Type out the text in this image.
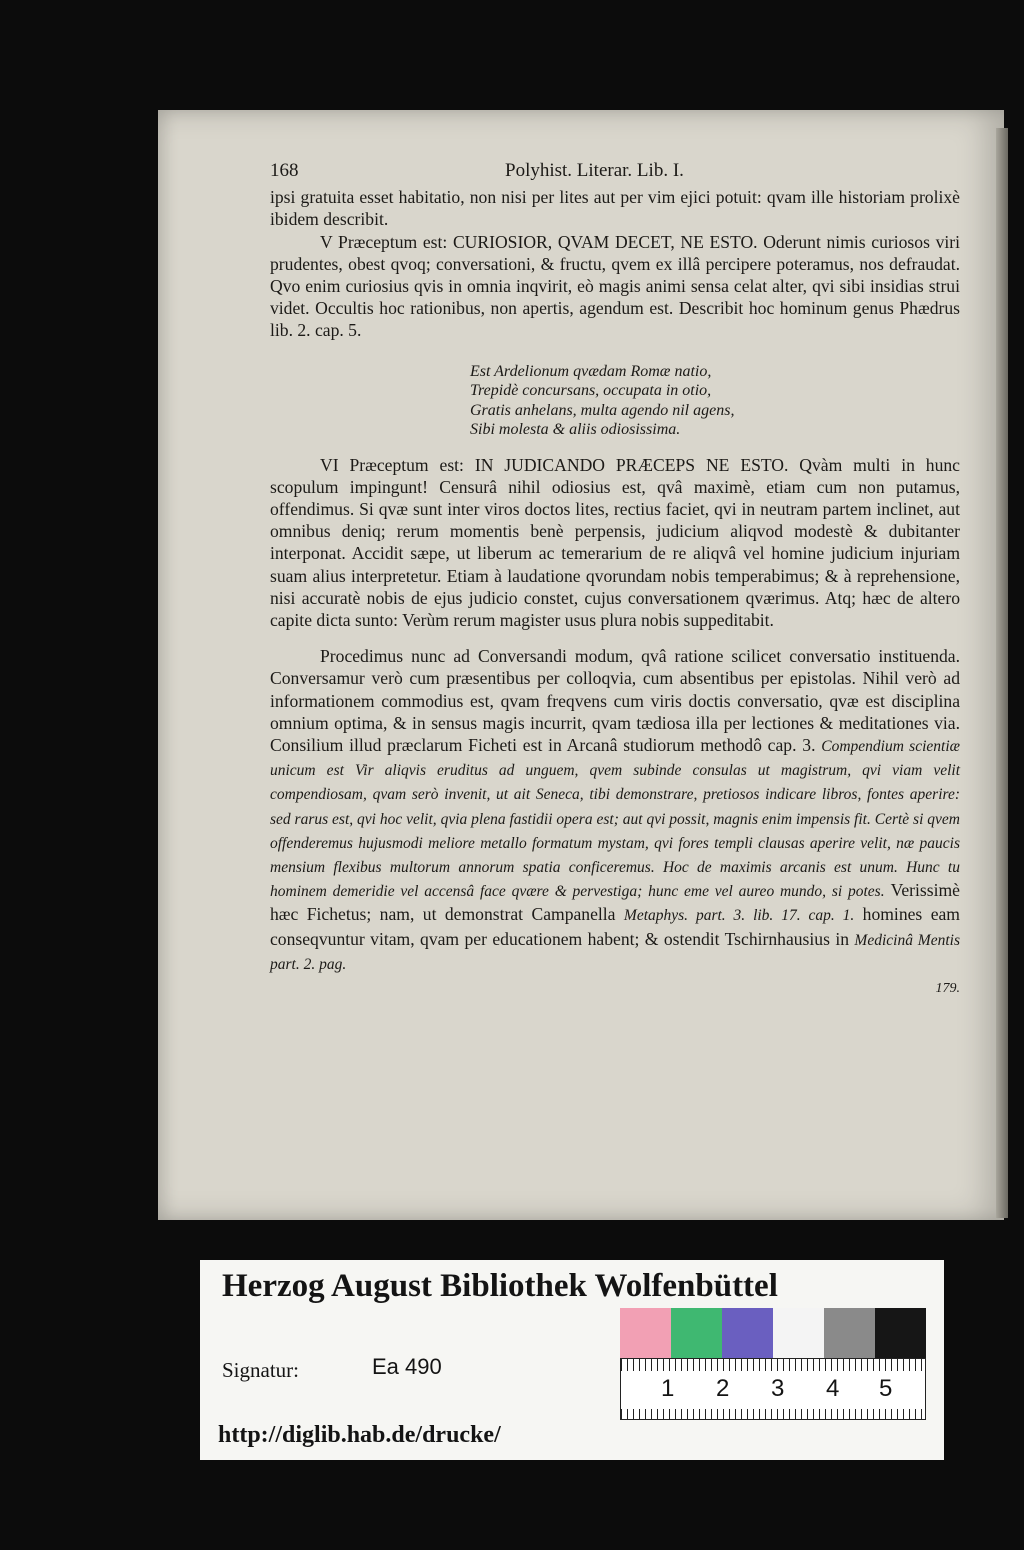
168	Polyhist. Literar. Lib. I.

ipsi gratuita esset habitatio, non nisi per lites aut per vim ejici potuit: qvam ille historiam prolixè ibidem describit.

V Præceptum est: CURIOSIOR, QVAM DECET, NE ESTO. Oderunt nimis curiosos viri prudentes, obest qvoq; conversationi, & fructu, qvem ex illâ percipere poteramus, nos defraudat. Qvo enim curiosius qvis in omnia inqvirit, eò magis animi sensa celat alter, qvi sibi insidias strui videt. Occultis hoc rationibus, non apertis, agendum est. Describit hoc hominum genus Phædrus lib. 2. cap. 5.

Est Ardelionum qvædam Romæ natio,
Trepidè concursans, occupata in otio,
Gratis anhelans, multa agendo nil agens,
Sibi molesta & aliis odiosissima.

VI Præceptum est: IN JUDICANDO PRÆCEPS NE ESTO. Qvàm multi in hunc scopulum impingunt! Censurâ nihil odiosius est, qvâ maximè, etiam cum non putamus, offendimus. Si qvæ sunt inter viros doctos lites, rectius faciet, qvi in neutram partem inclinet, aut omnibus deniq; rerum momentis benè perpensis, judicium aliqvod modestè & dubitanter interponat. Accidit sæpe, ut liberum ac temerarium de re aliqvâ vel homine judicium injuriam suam alius interpretetur. Etiam à laudatione qvorundam nobis temperabimus; & à reprehensione, nisi accuratè nobis de ejus judicio constet, cujus conversationem qværimus. Atq; hæc de altero capite dicta sunto: Verùm rerum magister usus plura nobis suppeditabit.

Procedimus nunc ad Conversandi modum, qvâ ratione scilicet conversatio instituenda. Conversamur verò cum præsentibus per colloqvia, cum absentibus per epistolas. Nihil verò ad informationem commodius est, qvam freqvens cum viris doctis conversatio, qvæ est disciplina omnium optima, & in sensus magis incurrit, qvam tædiosa illa per lectiones & meditationes via. Consilium illud præclarum Ficheti est in Arcanâ studiorum methodô cap. 3. Compendium scientiæ unicum est Vir aliqvis eruditus ad unguem, qvem subinde consulas ut magistrum, qvi viam velit compendiosam, qvam serò invenit, ut ait Seneca, tibi demonstrare, pretiosos indicare libros, fontes aperire: sed rarus est, qvi hoc velit, qvia plena fastidii opera est; aut qvi possit, magnis enim impensis fit. Certè si qvem offenderemus hujusmodi meliore metallo formatum mystam, qvi fores templi clausas aperire velit, næ paucis mensium flexibus multorum annorum spatia conficeremus. Hoc de maximis arcanis est unum. Hunc tu hominem demeridie vel accensâ face qvære & pervestiga; hunc eme vel aureo mundo, si potes. Verissimè hæc Fichetus; nam, ut demonstrat Campanella Metaphys. part. 3. lib. 17. cap. 1. homines eam conseqvuntur vitam, qvam per educationem habent; & ostendit Tschirnhausius in Medicinâ Mentis part. 2. pag.

179.
Herzog August Bibliothek Wolfenbüttel
Signatur:	Ea 490
1 2 3 4 5
http://diglib.hab.de/drucke/
